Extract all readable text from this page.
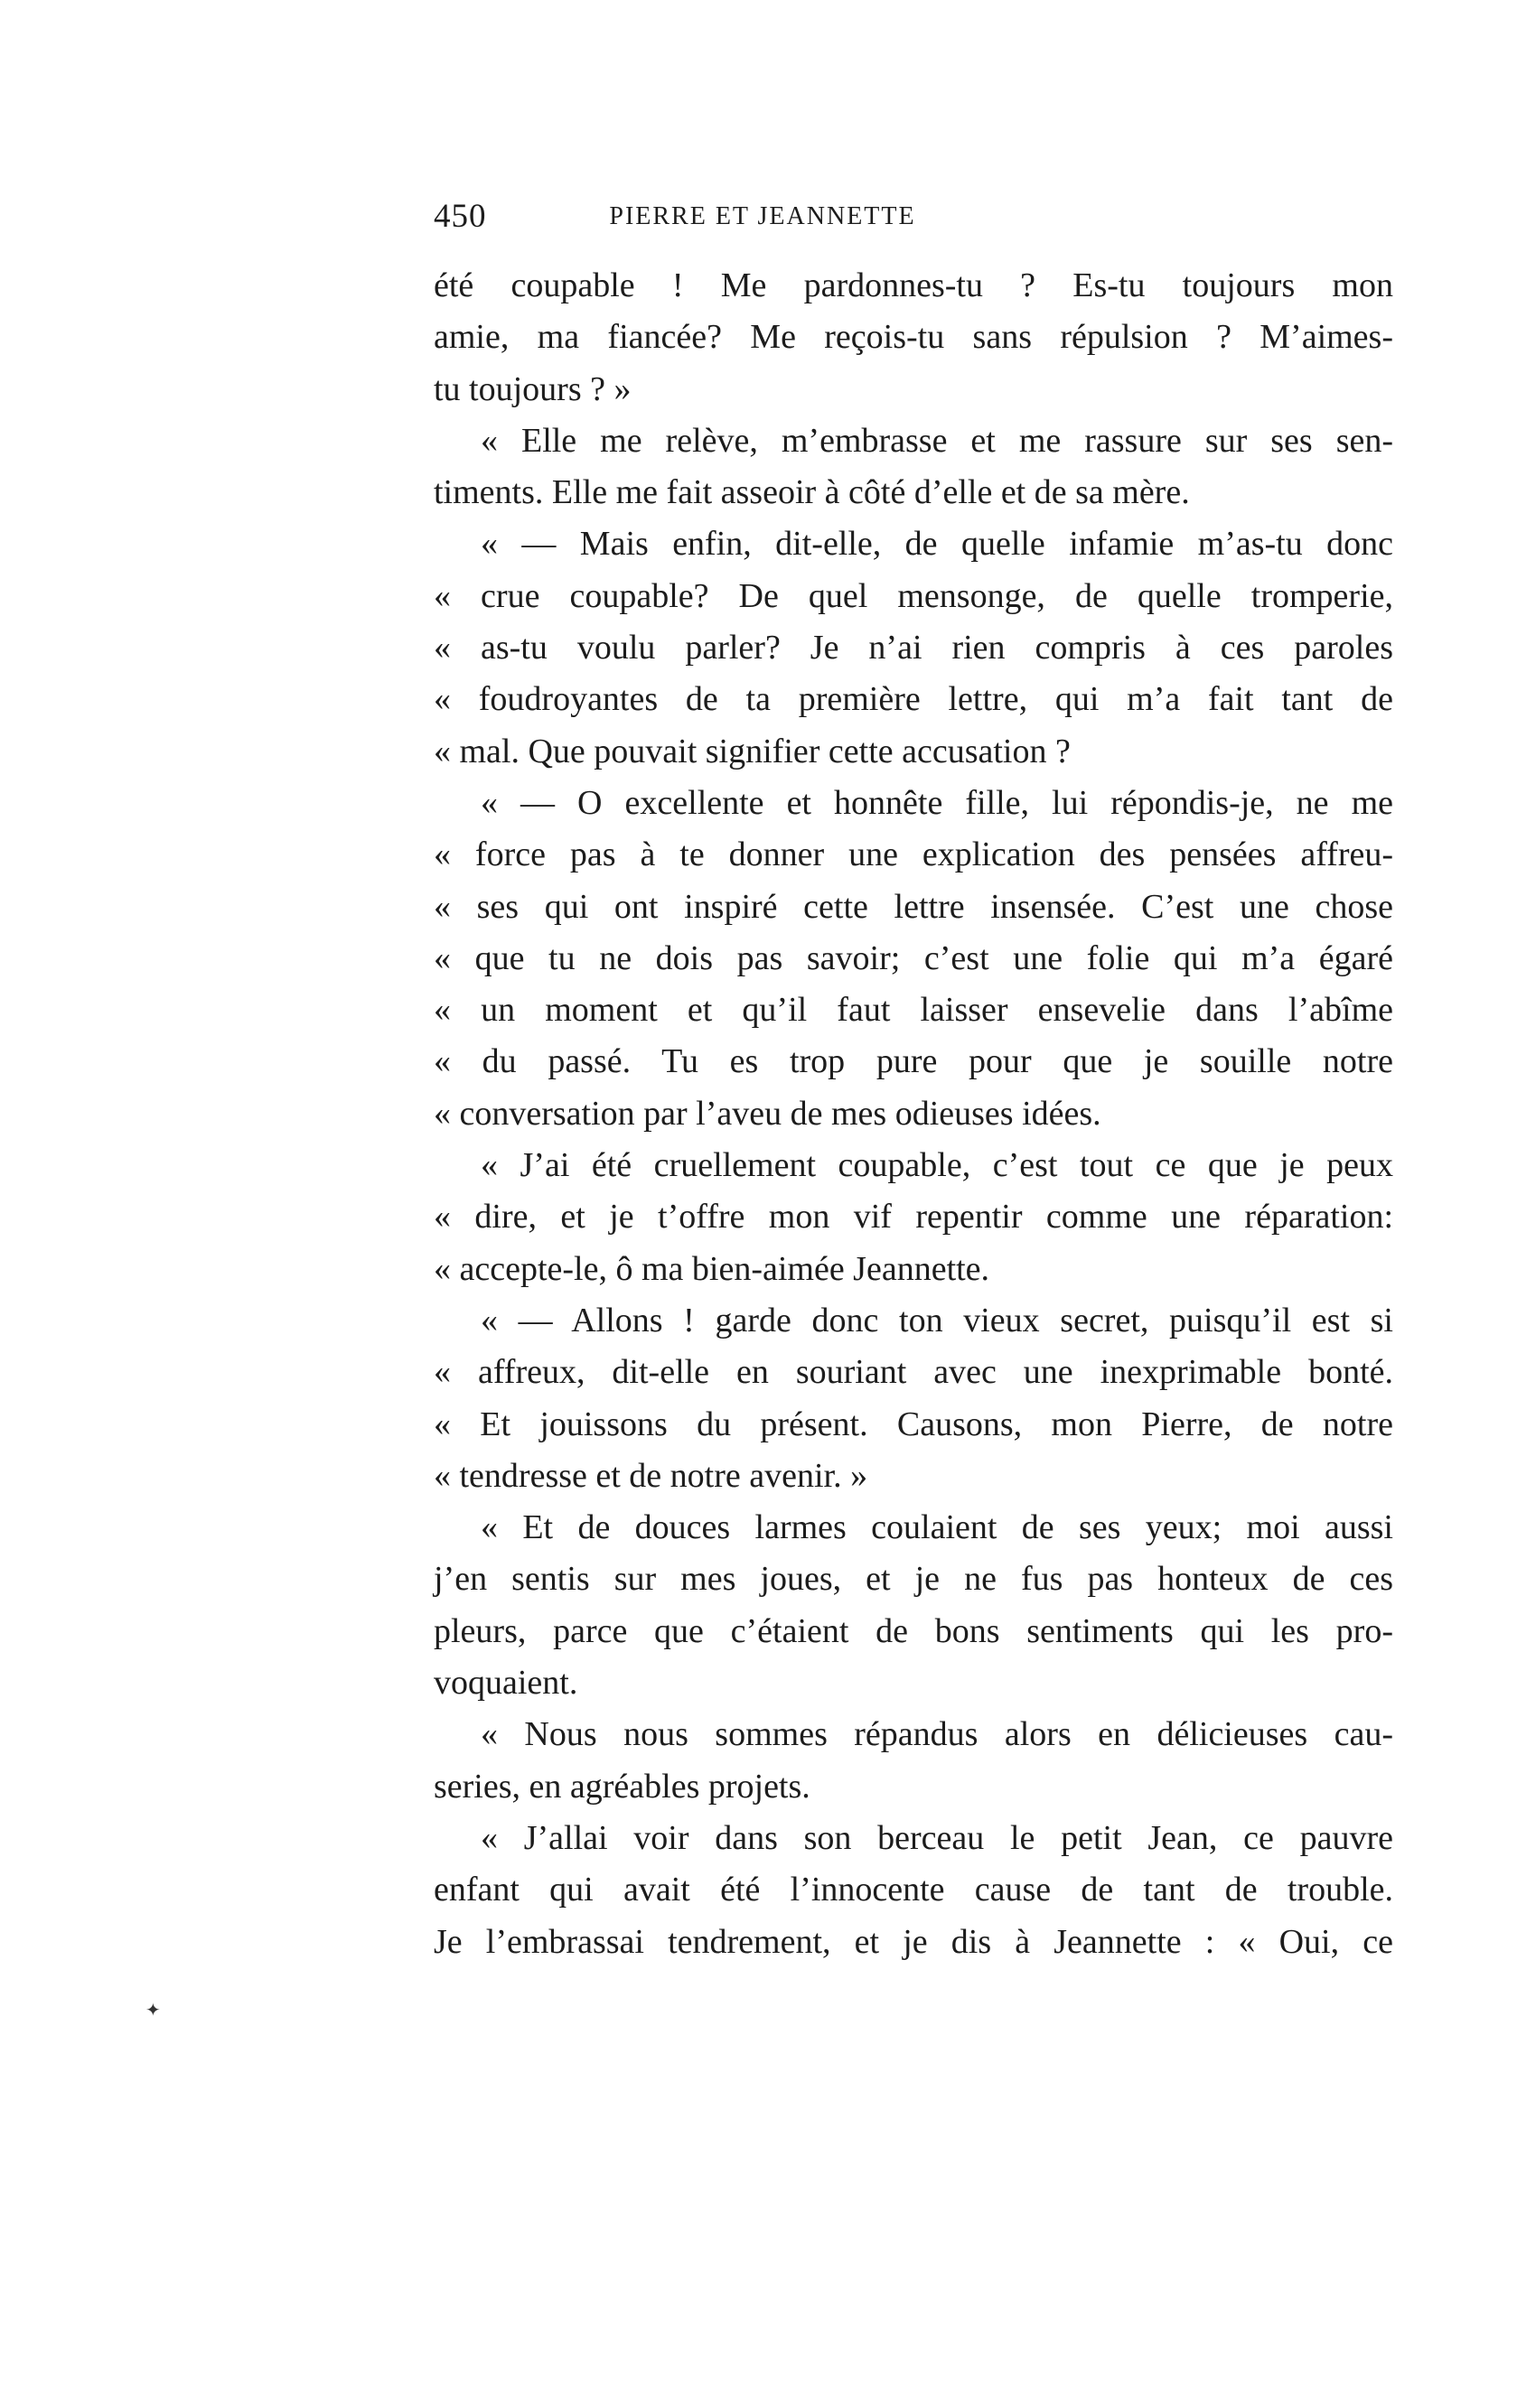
450	PIERRE ET JEANNETTE
été coupable ! Me pardonnes-tu ? Es-tu toujours mon
amie, ma fiancée? Me reçois-tu sans répulsion ? M’aimes-
tu toujours ? »
« Elle me relève, m’embrasse et me rassure sur ses sen-
timents. Elle me fait asseoir à côté d’elle et de sa mère.
« — Mais enfin, dit-elle, de quelle infamie m’as-tu donc
« crue coupable? De quel mensonge, de quelle tromperie,
« as-tu voulu parler? Je n’ai rien compris à ces paroles
« foudroyantes de ta première lettre, qui m’a fait tant de
« mal. Que pouvait signifier cette accusation ?
« — O excellente et honnête fille, lui répondis-je, ne me
« force pas à te donner une explication des pensées affreu-
« ses qui ont inspiré cette lettre insensée. C’est une chose
« que tu ne dois pas savoir; c’est une folie qui m’a égaré
« un moment et qu’il faut laisser ensevelie dans l’abîme
« du passé. Tu es trop pure pour que je souille notre
« conversation par l’aveu de mes odieuses idées.
« J’ai été cruellement coupable, c’est tout ce que je peux
« dire, et je t’offre mon vif repentir comme une réparation:
« accepte-le, ô ma bien-aimée Jeannette.
« — Allons ! garde donc ton vieux secret, puisqu’il est si
« affreux, dit-elle en souriant avec une inexprimable bonté.
« Et jouissons du présent. Causons, mon Pierre, de notre
« tendresse et de notre avenir. »
« Et de douces larmes coulaient de ses yeux; moi aussi
j’en sentis sur mes joues, et je ne fus pas honteux de ces
pleurs, parce que c’étaient de bons sentiments qui les pro-
voquaient.
« Nous nous sommes répandus alors en délicieuses cau-
series, en agréables projets.
« J’allai voir dans son berceau le petit Jean, ce pauvre
enfant qui avait été l’innocente cause de tant de trouble.
Je l’embrassai tendrement, et je dis à Jeannette : « Oui, ce
✦
